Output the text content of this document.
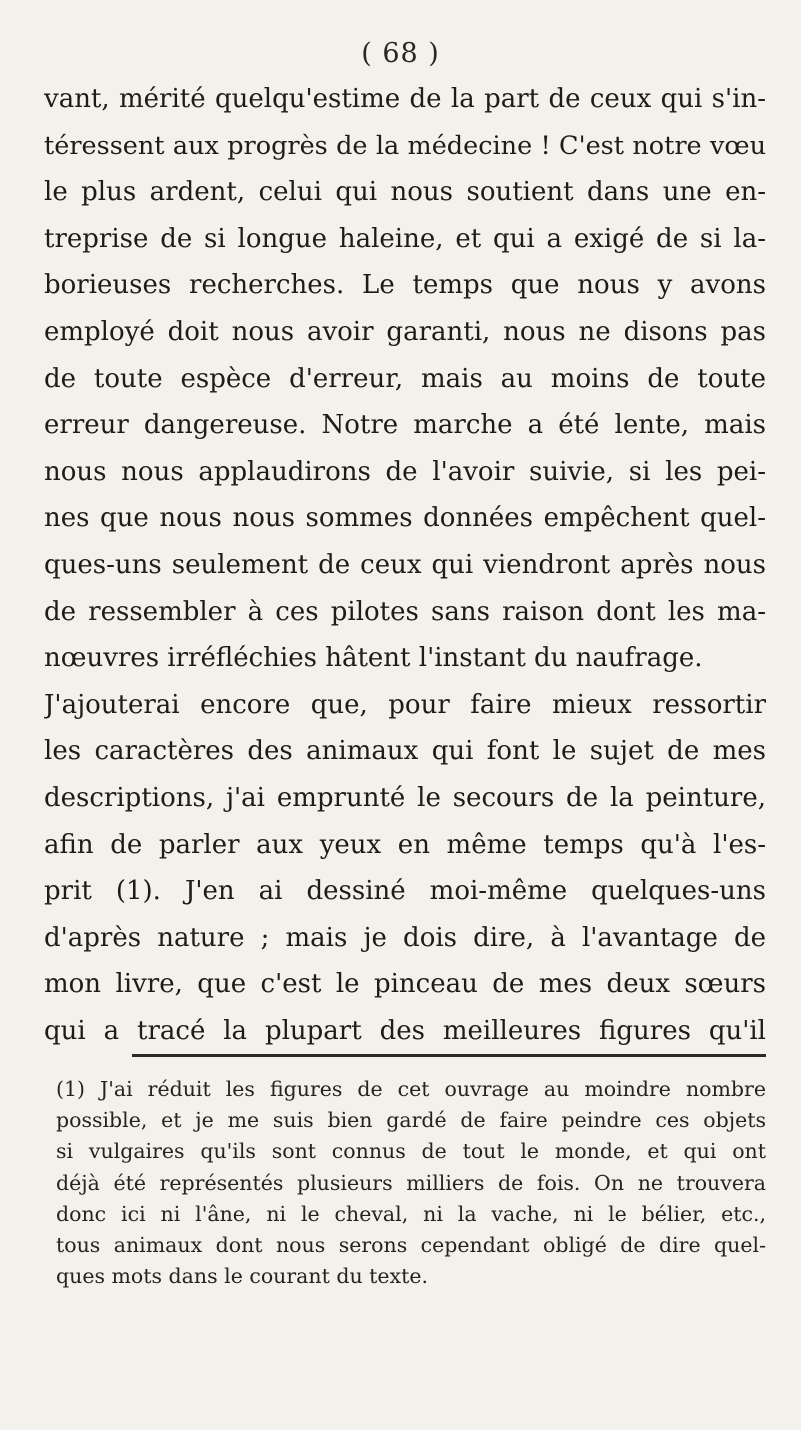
( 68 )
vant, mérité quelqu'estime de la part de ceux qui s'in-
téressent aux progrès de la médecine ! C'est notre vœu
le plus ardent, celui qui nous soutient dans une en-
treprise de si longue haleine, et qui a exigé de si la-
borieuses recherches. Le temps que nous y avons
employé doit nous avoir garanti, nous ne disons pas
de toute espèce d'erreur, mais au moins de toute
erreur dangereuse. Notre marche a été lente, mais
nous nous applaudirons de l'avoir suivie, si les pei-
nes que nous nous sommes données empêchent quel-
ques-uns seulement de ceux qui viendront après nous
de ressembler à ces pilotes sans raison dont les ma-
nœuvres irréfléchies hâtent l'instant du naufrage.
J'ajouterai encore que, pour faire mieux ressortir
les caractères des animaux qui font le sujet de mes
descriptions, j'ai emprunté le secours de la peinture,
afin de parler aux yeux en même temps qu'à l'es-
prit (1). J'en ai dessiné moi-même quelques-uns
d'après nature ; mais je dois dire, à l'avantage de
mon livre, que c'est le pinceau de mes deux sœurs
qui a tracé la plupart des meilleures figures qu'il
(1) J'ai réduit les figures de cet ouvrage au moindre nombre
possible, et je me suis bien gardé de faire peindre ces objets
si vulgaires qu'ils sont connus de tout le monde, et qui ont
déjà été représentés plusieurs milliers de fois. On ne trouvera
donc ici ni l'âne, ni le cheval, ni la vache, ni le bélier, etc.,
tous animaux dont nous serons cependant obligé de dire quel-
ques mots dans le courant du texte.
